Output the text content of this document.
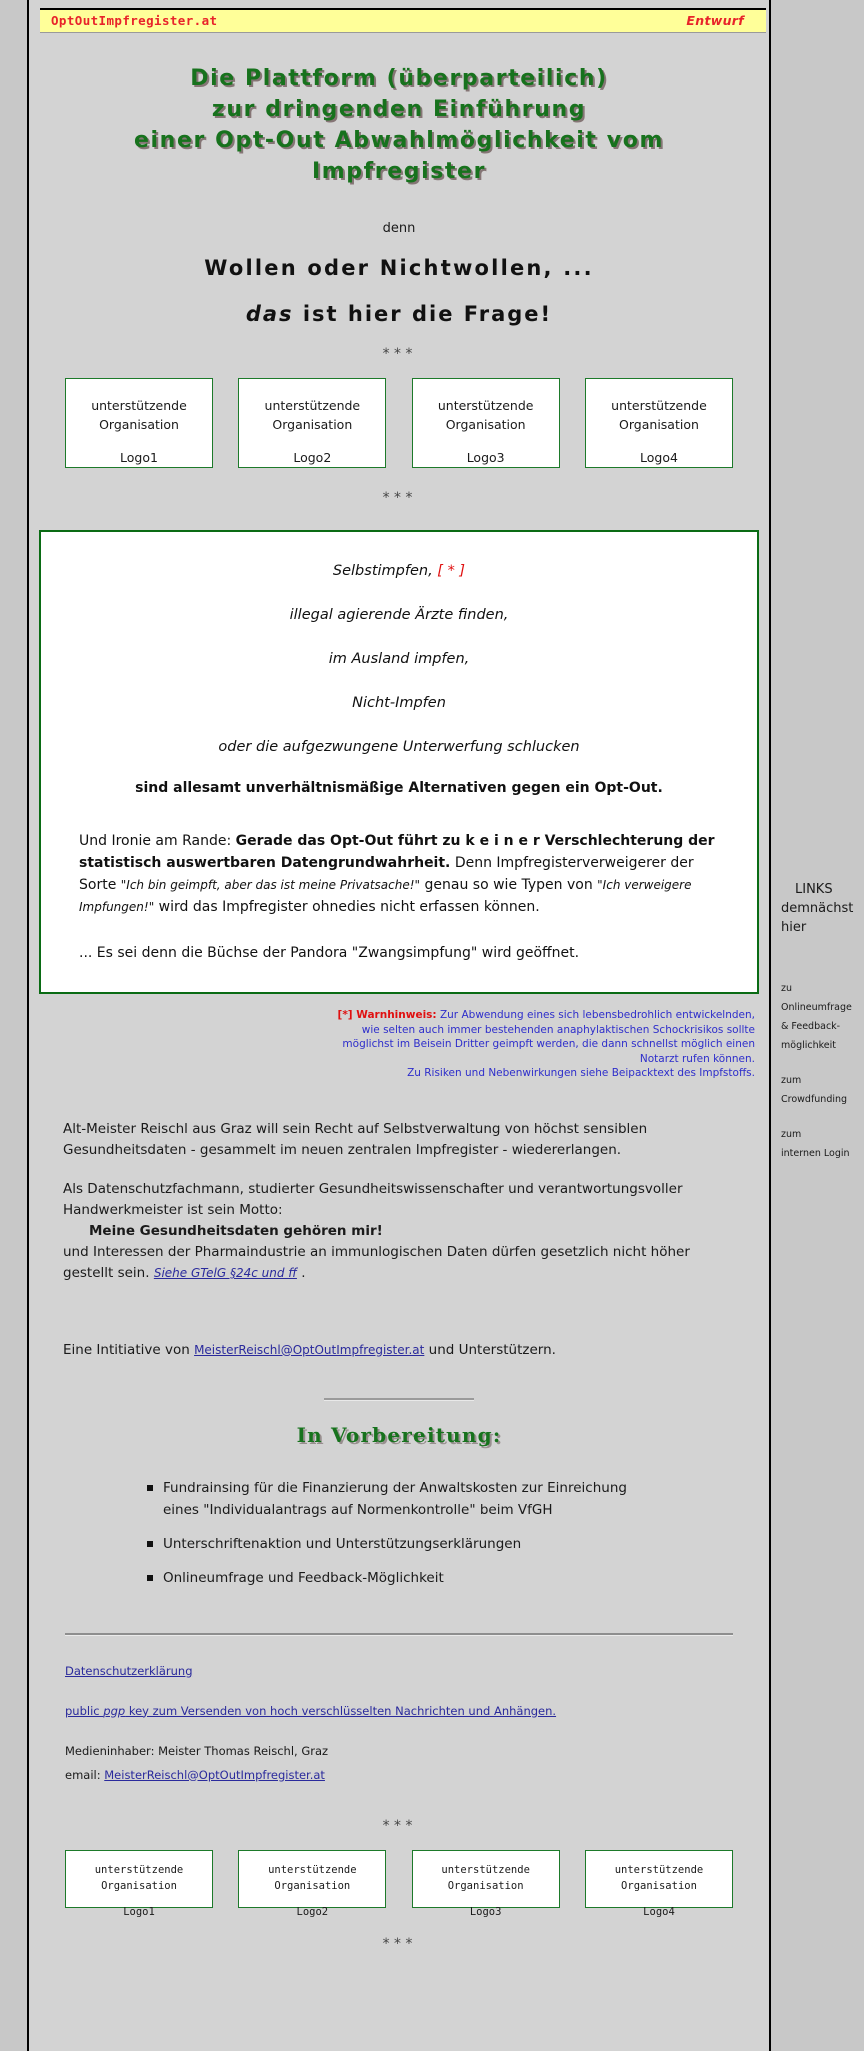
OptOutImpfregister.at	Entwurf
Die Plattform (überparteilich)
zur dringenden Einführung
einer Opt-Out Abwahlmöglichkeit vom
Impfregister
denn
Wollen oder Nichtwollen, ...
das ist hier die Frage!
***
unterstützende
Organisation
Logo1
unterstützende
Organisation
Logo2
unterstützende
Organisation
Logo3
unterstützende
Organisation
Logo4
***
Selbstimpfen, [ * ]
illegal agierende Ärzte finden,
im Ausland impfen,
Nicht-Impfen
oder die aufgezwungene Unterwerfung schlucken
sind allesamt unverhältnismäßige Alternativen gegen ein Opt-Out.
Und Ironie am Rande: Gerade das Opt-Out führt zu k e i n e r Verschlechterung der statistisch auswertbaren Datengrundwahrheit. Denn Impfregisterverweigerer der Sorte "Ich bin geimpft, aber das ist meine Privatsache!" genau so wie Typen von "Ich verweigere Impfungen!" wird das Impfregister ohnedies nicht erfassen können.
... Es sei denn die Büchse der Pandora "Zwangsimpfung" wird geöffnet.
[*] Warnhinweis: Zur Abwendung eines sich lebensbedrohlich entwickelnden, wie selten auch immer bestehenden anaphylaktischen Schockrisikos sollte möglichst im Beisein Dritter geimpft werden, die dann schnellst möglich einen Notarzt rufen können.
Zu Risiken und Nebenwirkungen siehe Beipacktext des Impfstoffs.

Alt-Meister Reischl aus Graz will sein Recht auf Selbstverwaltung von höchst sensiblen Gesundheitsdaten - gesammelt im neuen zentralen Impfregister - wiedererlangen.

Als Datenschutzfachmann, studierter Gesundheitswissenschafter und verantwortungsvoller Handwerkmeister ist sein Motto:
Meine Gesundheitsdaten gehören mir!
und Interessen der Pharmaindustrie an immunlogischen Daten dürfen gesetzlich nicht höher gestellt sein. Siehe GTelG §24c und ff .

Eine Intitiative von MeisterReischl@OptOutImpfregister.at und Unterstützern.
In Vorbereitung:
Fundrainsing für die Finanzierung der Anwaltskosten zur Einreichung
eines "Individualantrags auf Normenkontrolle" beim VfGH
Unterschriftenaktion und Unterstützungserklärungen
Onlineumfrage und Feedback-Möglichkeit
Datenschutzerklärung
public pgp key zum Versenden von hoch verschlüsselten Nachrichten und Anhängen.
Medieninhaber: Meister Thomas Reischl, Graz
email: MeisterReischl@OptOutImpfregister.at
***
unterstützende
Organisation
Logo1
unterstützende
Organisation
Logo2
unterstützende
Organisation
Logo3
unterstützende
Organisation
Logo4
***
LINKS
demnächst
hier
zu Onlineumfrage
& Feedback-
möglichkeit
zum
Crowdfunding
zum
internen Login
